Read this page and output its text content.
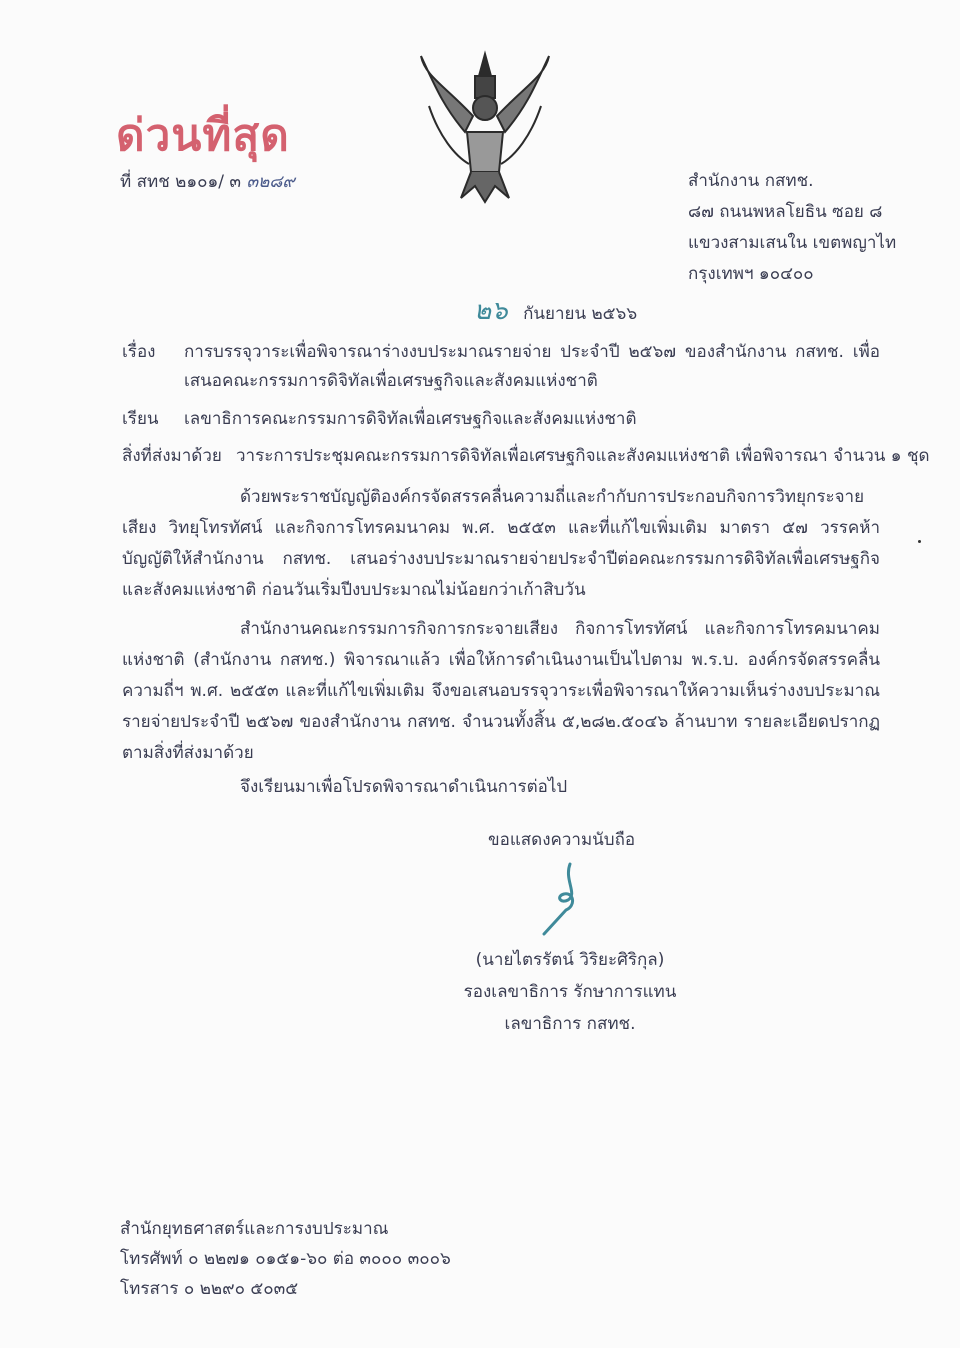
ด่วนที่สุด
ที่ สทช ๒๑๐๑/ ๓ ๓๒๘๙	สำนักงาน กสทช.
๘๗ ถนนพหลโยธิน ซอย ๘
แขวงสามเสนใน เขตพญาไท
กรุงเทพฯ ๑๐๔๐๐
๒๖ กันยายน ๒๕๖๖
เรื่อง การบรรจุวาระเพื่อพิจารณาร่างงบประมาณรายจ่าย ประจำปี ๒๕๖๗ ของสำนักงาน กสทช. เพื่อเสนอคณะกรรมการดิจิทัลเพื่อเศรษฐกิจและสังคมแห่งชาติ
เรียน เลขาธิการคณะกรรมการดิจิทัลเพื่อเศรษฐกิจและสังคมแห่งชาติ
สิ่งที่ส่งมาด้วย วาระการประชุมคณะกรรมการดิจิทัลเพื่อเศรษฐกิจและสังคมแห่งชาติ เพื่อพิจารณา จำนวน ๑ ชุด
ด้วยพระราชบัญญัติองค์กรจัดสรรคลื่นความถี่และกำกับการประกอบกิจการวิทยุกระจายเสียง วิทยุโทรทัศน์ และกิจการโทรคมนาคม พ.ศ. ๒๕๕๓ และที่แก้ไขเพิ่มเติม มาตรา ๕๗ วรรคห้า บัญญัติให้สำนักงาน กสทช. เสนอร่างงบประมาณรายจ่ายประจำปีต่อคณะกรรมการดิจิทัลเพื่อเศรษฐกิจและสังคมแห่งชาติ ก่อนวันเริ่มปีงบประมาณไม่น้อยกว่าเก้าสิบวัน
สำนักงานคณะกรรมการกิจการกระจายเสียง กิจการโทรทัศน์ และกิจการโทรคมนาคมแห่งชาติ (สำนักงาน กสทช.) พิจารณาแล้ว เพื่อให้การดำเนินงานเป็นไปตาม พ.ร.บ. องค์กรจัดสรรคลื่นความถี่ฯ พ.ศ. ๒๕๕๓ และที่แก้ไขเพิ่มเติม จึงขอเสนอบรรจุวาระเพื่อพิจารณาให้ความเห็นร่างงบประมาณรายจ่ายประจำปี ๒๕๖๗ ของสำนักงาน กสทช. จำนวนทั้งสิ้น ๕,๒๘๒.๕๐๔๖ ล้านบาท รายละเอียดปรากฏตามสิ่งที่ส่งมาด้วย
จึงเรียนมาเพื่อโปรดพิจารณาดำเนินการต่อไป
ขอแสดงความนับถือ
(นายไตรรัตน์ วิริยะศิริกุล)
รองเลขาธิการ รักษาการแทน
เลขาธิการ กสทช.
สำนักยุทธศาสตร์และการงบประมาณ
โทรศัพท์ ๐ ๒๒๗๑ ๐๑๕๑-๖๐ ต่อ ๓๐๐๐ ๓๐๐๖
โทรสาร ๐ ๒๒๙๐ ๕๐๓๕
